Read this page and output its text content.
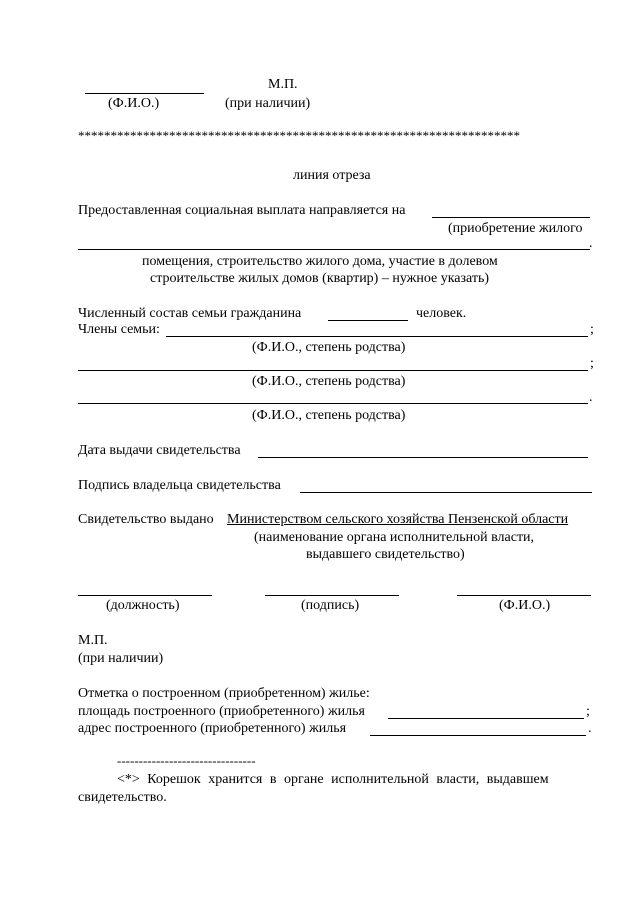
(Ф.И.О.)
М.П.
(при наличии)
********************************************************************
линия отреза
Предоставленная социальная выплата направляется на
(приобретение жилого
.
помещения, строительство жилого дома, участие в долевом
строительстве жилых домов (квартир) – нужное указать)
Численный состав семьи гражданина	человек.
Члены семьи:	;
(Ф.И.О., степень родства)
;
(Ф.И.О., степень родства)
.
(Ф.И.О., степень родства)
Дата выдачи свидетельства
Подпись владельца свидетельства
Свидетельство выдано Министерством сельского хозяйства Пензенской области
(наименование органа исполнительной власти,
выдавшего свидетельство)
(должность)	(подпись)	(Ф.И.О.)
М.П.
(при наличии)
Отметка о построенном (приобретенном) жилье:
площадь построенного (приобретенного) жилья	;
адрес построенного (приобретенного) жилья	.
--------------------------------
<*> Корешок хранится в органе исполнительной власти, выдавшем
свидетельство.
